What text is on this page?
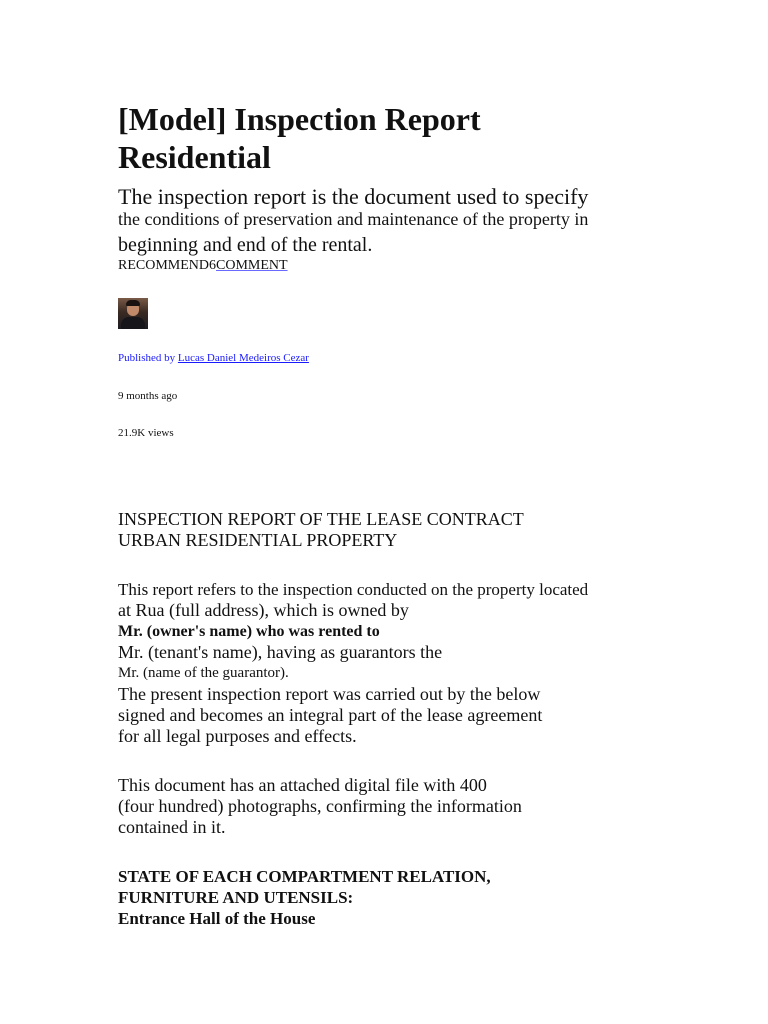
[Model] Inspection Report
Residential
The inspection report is the document used to specify
the conditions of preservation and maintenance of the property in
beginning and end of the rental.
RECOMMEND6COMMENT
Published by Lucas Daniel Medeiros Cezar
9 months ago
21.9K views
INSPECTION REPORT OF THE LEASE CONTRACT
URBAN RESIDENTIAL PROPERTY
This report refers to the inspection conducted on the property located
at Rua (full address), which is owned by
Mr. (owner's name) who was rented to
Mr. (tenant's name), having as guarantors the
Mr. (name of the guarantor).
The present inspection report was carried out by the below
signed and becomes an integral part of the lease agreement
for all legal purposes and effects.
This document has an attached digital file with 400
(four hundred) photographs, confirming the information
contained in it.
STATE OF EACH COMPARTMENT RELATION,
FURNITURE AND UTENSILS:
Entrance Hall of the House
